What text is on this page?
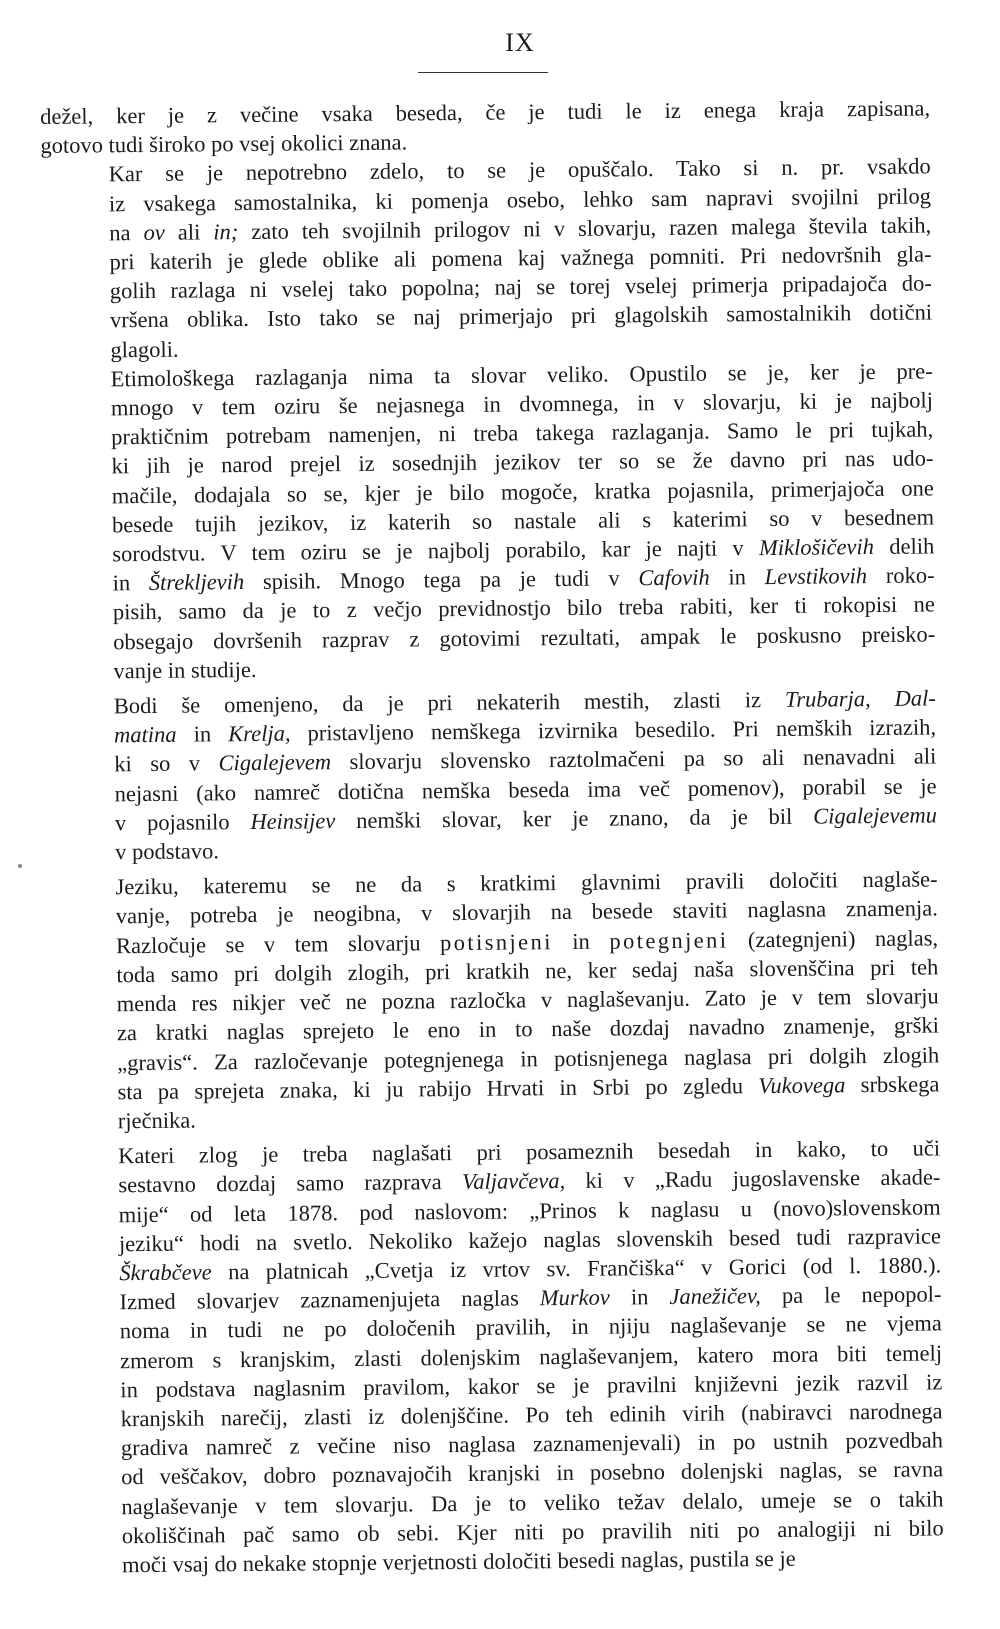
IX

dežel, ker je z večine vsaka beseda, če je tudi le iz enega kraja zapisana,
gotovo tudi široko po vsej okolici znana.

Kar se je nepotrebno zdelo, to se je opuščalo. Tako si n. pr. vsakdo
iz vsakega samostalnika, ki pomenja osebo, lehko sam napravi svojilni prilog
na ov ali in; zato teh svojilnih prilogov ni v slovarju, razen malega števila takih,
pri katerih je glede oblike ali pomena kaj važnega pomniti. Pri nedovršnih gla-
golih razlaga ni vselej tako popolna; naj se torej vselej primerja pripadajoča do-
vršena oblika. Isto tako se naj primerjajo pri glagolskih samostalnikih dotični
glagoli.

Etimološkega razlaganja nima ta slovar veliko. Opustilo se je, ker je pre-
mnogo v tem oziru še nejasnega in dvomnega, in v slovarju, ki je najbolj
praktičnim potrebam namenjen, ni treba takega razlaganja. Samo le pri tujkah,
ki jih je narod prejel iz sosednjih jezikov ter so se že davno pri nas udo-
mačile, dodajala so se, kjer je bilo mogoče, kratka pojasnila, primerjajoča one
besede tujih jezikov, iz katerih so nastale ali s katerimi so v besednem
sorodstvu. V tem oziru se je najbolj porabilo, kar je najti v Miklošičevih delih
in Štrekljevih spisih. Mnogo tega pa je tudi v Cafovih in Levstikovih roko-
pisih, samo da je to z večjo previdnostjo bilo treba rabiti, ker ti rokopisi ne
obsegajo dovršenih razprav z gotovimi rezultati, ampak le poskusno preisko-
vanje in studije.

Bodi še omenjeno, da je pri nekaterih mestih, zlasti iz Trubarja, Dal-
matina in Krelja, pristavljeno nemškega izvirnika besedilo. Pri nemških izrazih,
ki so v Cigalejevem slovarju slovensko raztolmačeni pa so ali nenavadni ali
nejasni (ako namreč dotična nemška beseda ima več pomenov), porabil se je
v pojasnilo Heinsijev nemški slovar, ker je znano, da je bil Cigalejevemu
v podstavo.

Jeziku, kateremu se ne da s kratkimi glavnimi pravili določiti naglaše-
vanje, potreba je neogibna, v slovarjih na besede staviti naglasna znamenja.
Razločuje se v tem slovarju potisnjeni in potegnjeni (zategnjeni) naglas,
toda samo pri dolgih zlogih, pri kratkih ne, ker sedaj naša slovenščina pri teh
menda res nikjer več ne pozna razločka v naglaševanju. Zato je v tem slovarju
za kratki naglas sprejeto le eno in to naše dozdaj navadno znamenje, grški
„gravis“. Za razločevanje potegnjenega in potisnjenega naglasa pri dolgih zlogih
sta pa sprejeta znaka, ki ju rabijo Hrvati in Srbi po zgledu Vukovega srbskega
rječnika.

Kateri zlog je treba naglašati pri posameznih besedah in kako, to uči
sestavno dozdaj samo razprava Valjavčeva, ki v „Radu jugoslavenske akade-
mije“ od leta 1878. pod naslovom: „Prinos k naglasu u (novo)slovenskom
jeziku“ hodi na svetlo. Nekoliko kažejo naglas slovenskih besed tudi razpravice
Škrabčeve na platnicah „Cvetja iz vrtov sv. Frančiška“ v Gorici (od l. 1880.).
Izmed slovarjev zaznamenjujeta naglas Murkov in Janežičev, pa le nepopol-
noma in tudi ne po določenih pravilih, in njiju naglaševanje se ne vjema
zmerom s kranjskim, zlasti dolenjskim naglaševanjem, katero mora biti temelj
in podstava naglasnim pravilom, kakor se je pravilni književni jezik razvil iz
kranjskih narečij, zlasti iz dolenjščine. Po teh edinih virih (nabiravci narodnega
gradiva namreč z večine niso naglasa zaznamenjevali) in po ustnih pozvedbah
od veščakov, dobro poznavajočih kranjski in posebno dolenjski naglas, se ravna
naglaševanje v tem slovarju. Da je to veliko težav delalo, umeje se o takih
okoliščinah pač samo ob sebi. Kjer niti po pravilih niti po analogiji ni bilo
moči vsaj do nekake stopnje verjetnosti določiti besedi naglas, pustila se je
